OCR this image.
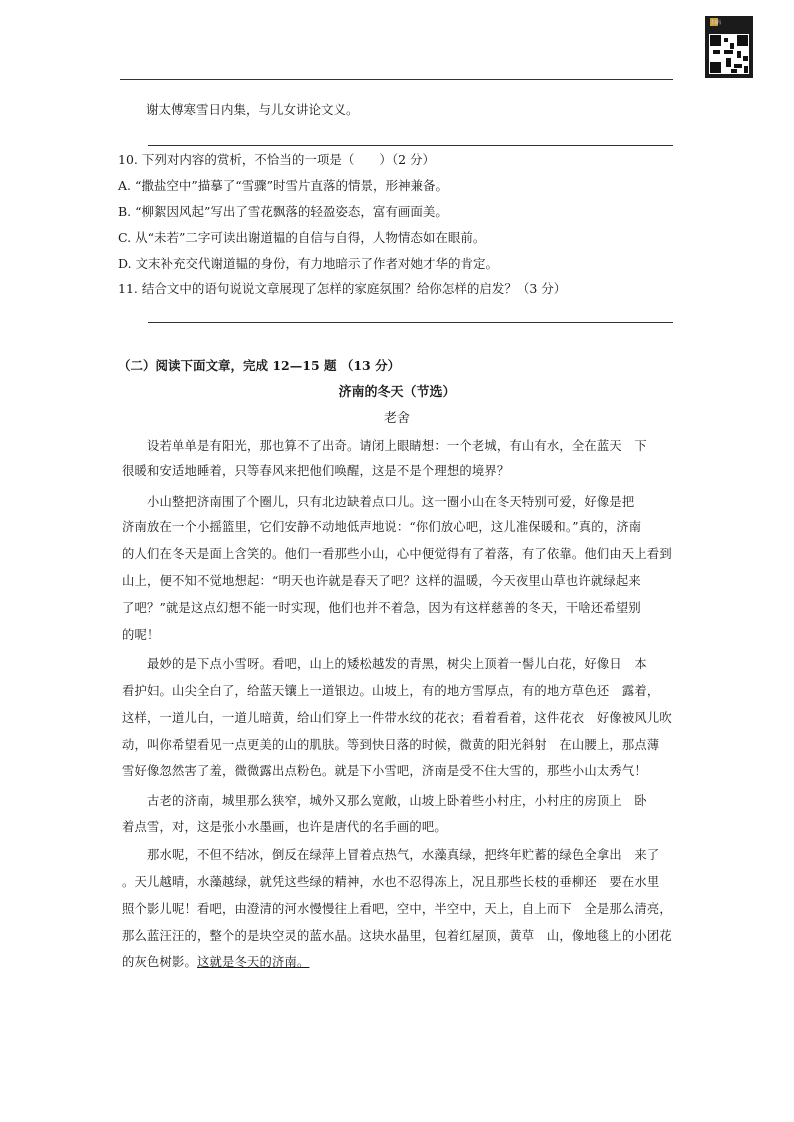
扫码
谢太傅寒雪日内集，与儿女讲论文义。
10. 下列对内容的赏析，不恰当的一项是（　　）（2 分）
A. “撒盐空中”描摹了“雪骤”时雪片直落的情景，形神兼备。
B. “柳絮因风起”写出了雪花飘落的轻盈姿态，富有画面美。
C. 从“未若”二字可读出谢道韫的自信与自得，人物情态如在眼前。
D. 文末补充交代谢道韫的身份，有力地暗示了作者对她才华的肯定。
11. 结合文中的语句说说文章展现了怎样的家庭氛围？给你怎样的启发？（3 分）
（二）阅读下面文章，完成 12—15 题 （13 分）
济南的冬天（节选）
老舍
设若单单是有阳光，那也算不了出奇。请闭上眼睛想：一个老城，有山有水，全在蓝天　下
很暖和安适地睡着，只等春风来把他们唤醒，这是不是个理想的境界？
小山整把济南围了个圈儿，只有北边缺着点口儿。这一圈小山在冬天特别可爱，好像是把
济南放在一个小摇篮里，它们安静不动地低声地说：“你们放心吧，这儿准保暖和。”真的，济南
的人们在冬天是面上含笑的。他们一看那些小山，心中便觉得有了着落，有了依靠。他们由天上看到
山上，便不知不觉地想起：“明天也许就是春天了吧？这样的温暖，今天夜里山草也许就绿起来
了吧？”就是这点幻想不能一时实现，他们也并不着急，因为有这样慈善的冬天，干啥还希望别
的呢！
最妙的是下点小雪呀。看吧，山上的矮松越发的青黑，树尖上顶着一髻儿白花，好像日　本
看护妇。山尖全白了，给蓝天镶上一道银边。山坡上，有的地方雪厚点，有的地方草色还　露着，
这样，一道儿白，一道儿暗黄，给山们穿上一件带水纹的花衣；看着看着，这件花衣　好像被风儿吹
动，叫你希望看见一点更美的山的肌肤。等到快日落的时候，微黄的阳光斜射　在山腰上，那点薄
雪好像忽然害了羞，微微露出点粉色。就是下小雪吧，济南是受不住大雪的，那些小山太秀气！
古老的济南，城里那么狭窄，城外又那么宽敞，山坡上卧着些小村庄，小村庄的房顶上　卧
着点雪，对，这是张小水墨画，也许是唐代的名手画的吧。
那水呢，不但不结冰，倒反在绿萍上冒着点热气，水藻真绿，把终年贮蓄的绿色全拿出　来了
。天儿越晴，水藻越绿，就凭这些绿的精神，水也不忍得冻上，况且那些长枝的垂柳还　要在水里
照个影儿呢！看吧，由澄清的河水慢慢往上看吧，空中，半空中，天上，自上而下　全是那么清亮，
那么蓝汪汪的，整个的是块空灵的蓝水晶。这块水晶里，包着红屋顶，黄草　山，像地毯上的小团花
的灰色树影。这就是冬天的济南。
